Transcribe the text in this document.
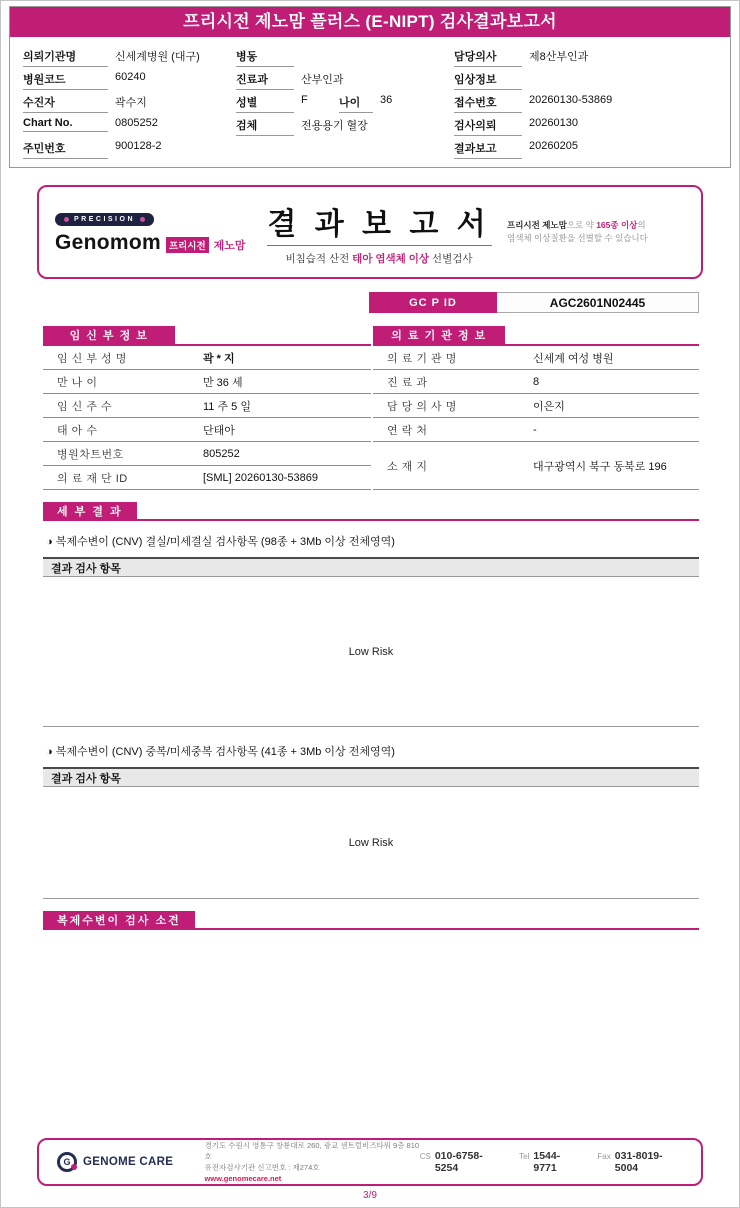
프리시전 제노맘 플러스 (E-NIPT) 검사결과보고서
의뢰기관명	신세계병원 (대구)
병원코드	60240
수진자	곽수지
Chart No.	0805252
주민번호	900128-2
병동
진료과	산부인과
성별	F	나이	36
검체	전용용기 혈장
담당의사	제8산부인과
임상정보
접수번호	20260130-53869
검사의뢰	20260130
결과보고	20260205
PRECISION
Genomom 프리시전 제노맘
결 과 보 고 서
비침습적 산전 태아 염색체 이상 선별검사
프리시전 제노맘으로 약 165종 이상의
염색체 이상질환을 선별할 수 있습니다
GC P ID	AGC2601N02445
임 신 부 정 보
임 신 부 성 명	곽 * 지
만 나 이	만 36 세
임 신 주 수	11 주 5 일
태 아 수	단태아
병원차트번호	805252
의 료 재 단 ID	[SML] 20260130-53869
의 료 기 관 정 보
의 료 기 관 명	신세계 여성 병원
진 료 과	8
담 당 의 사 명	이은지
연 락 처	-
소 재 지	대구광역시 북구 동북로 196
세 부 결 과
◑ 복제수변이 (CNV) 결실/미세결실 검사항목 (98종 + 3Mb 이상 전체영역)
결과 검사 항목
Low Risk
◑ 복제수변이 (CNV) 중복/미세중복 검사항목 (41종 + 3Mb 이상 전체영역)
결과 검사 항목
Low Risk
복제수변이 검사 소견
G	GENOME CARE
경기도 수원시 영통구 창룡대로 260, 광교 센트럴비즈타워 9층 810호
유전자검사기관 신고번호 : 제274호
www.genomecare.net
CS 010-6758-5254
Tel 1544-9771
Fax 031-8019-5004
3/9
